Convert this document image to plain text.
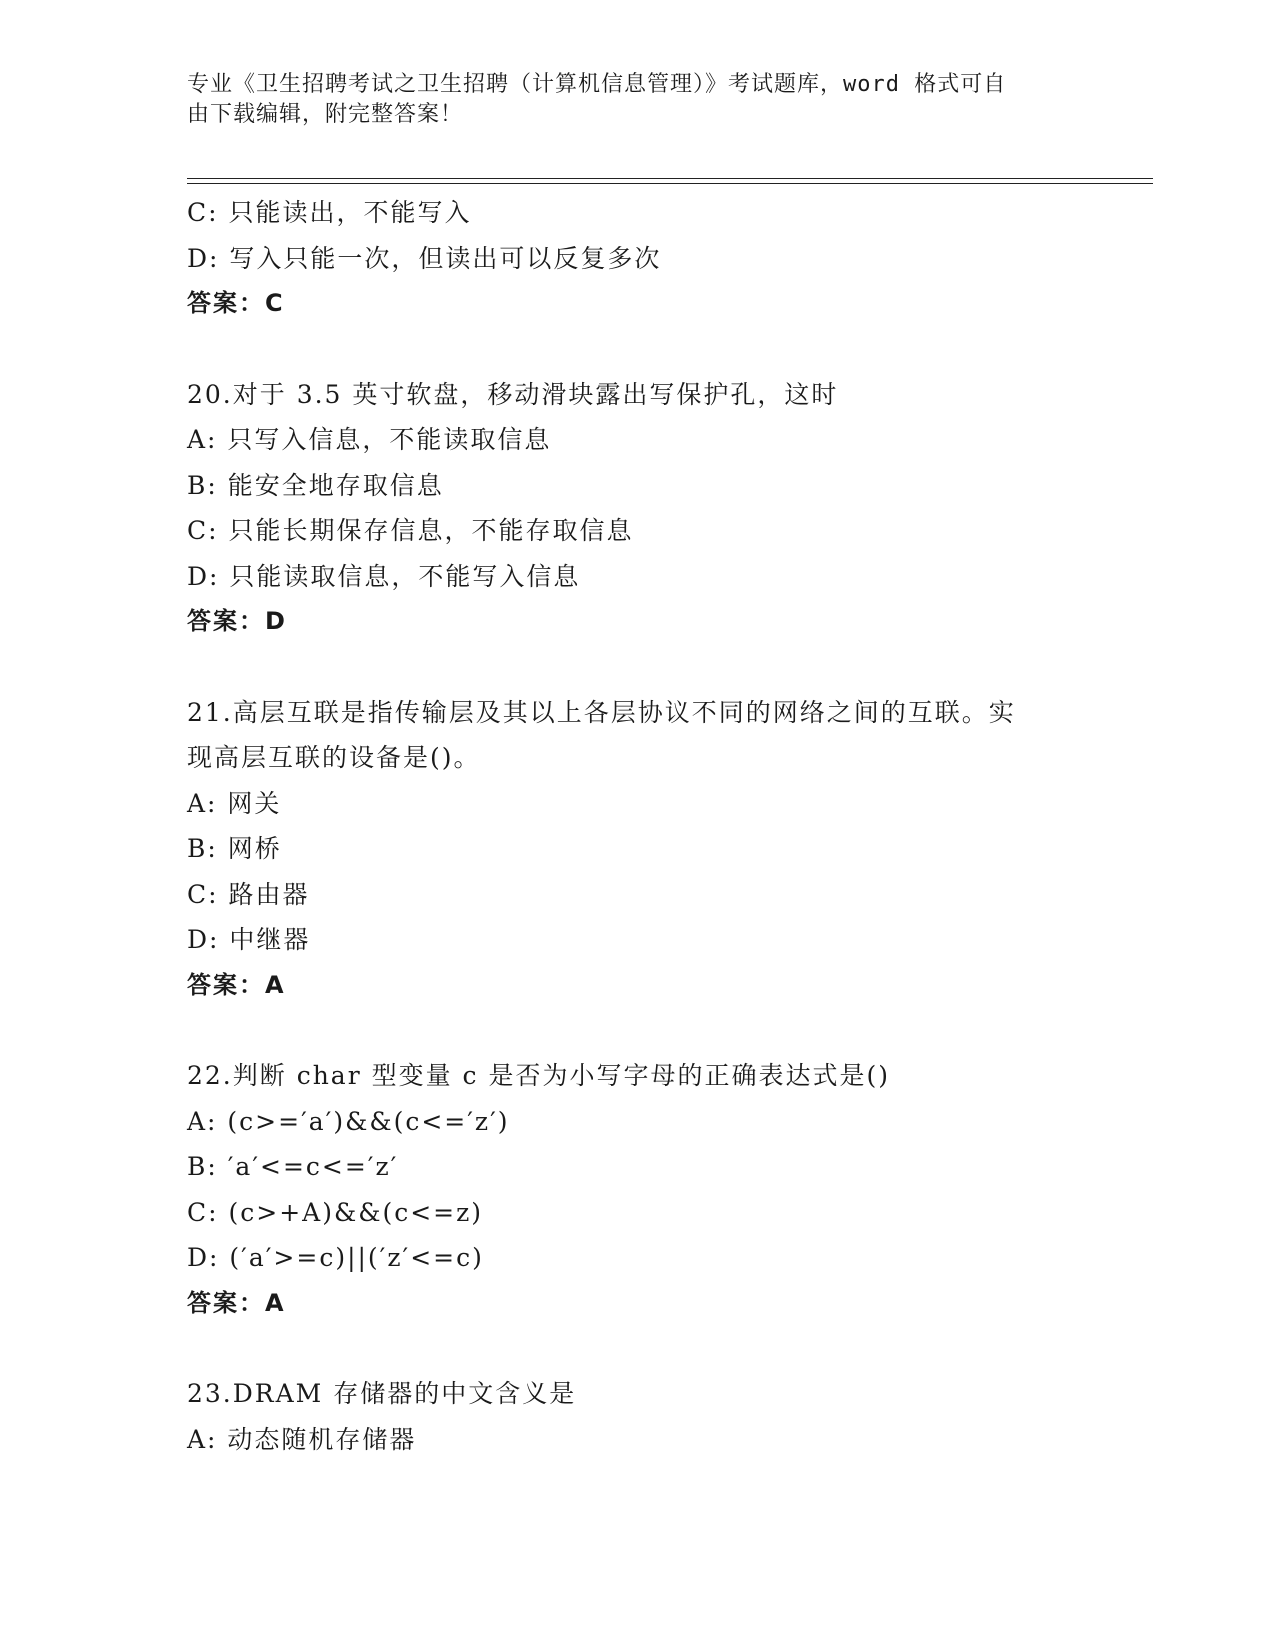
专业《卫生招聘考试之卫生招聘（计算机信息管理）》考试题库，word 格式可自
由下载编辑，附完整答案！
C: 只能读出，不能写入
D: 写入只能一次，但读出可以反复多次
答案：C
20.对于 3.5 英寸软盘，移动滑块露出写保护孔，这时
A: 只写入信息，不能读取信息
B: 能安全地存取信息
C: 只能长期保存信息，不能存取信息
D: 只能读取信息，不能写入信息
答案：D
21.高层互联是指传输层及其以上各层协议不同的网络之间的互联。实
现高层互联的设备是()。
A: 网关
B: 网桥
C: 路由器
D: 中继器
答案：A
22.判断 char 型变量 c 是否为小写字母的正确表达式是()
A: (c>=′a′)&&(c<=′z′)
B: ′a′<=c<=′z′
C: (c>+A)&&(c<=z)
D: (′a′>=c)||(′z′<=c)
答案：A
23.DRAM 存储器的中文含义是
A: 动态随机存储器
